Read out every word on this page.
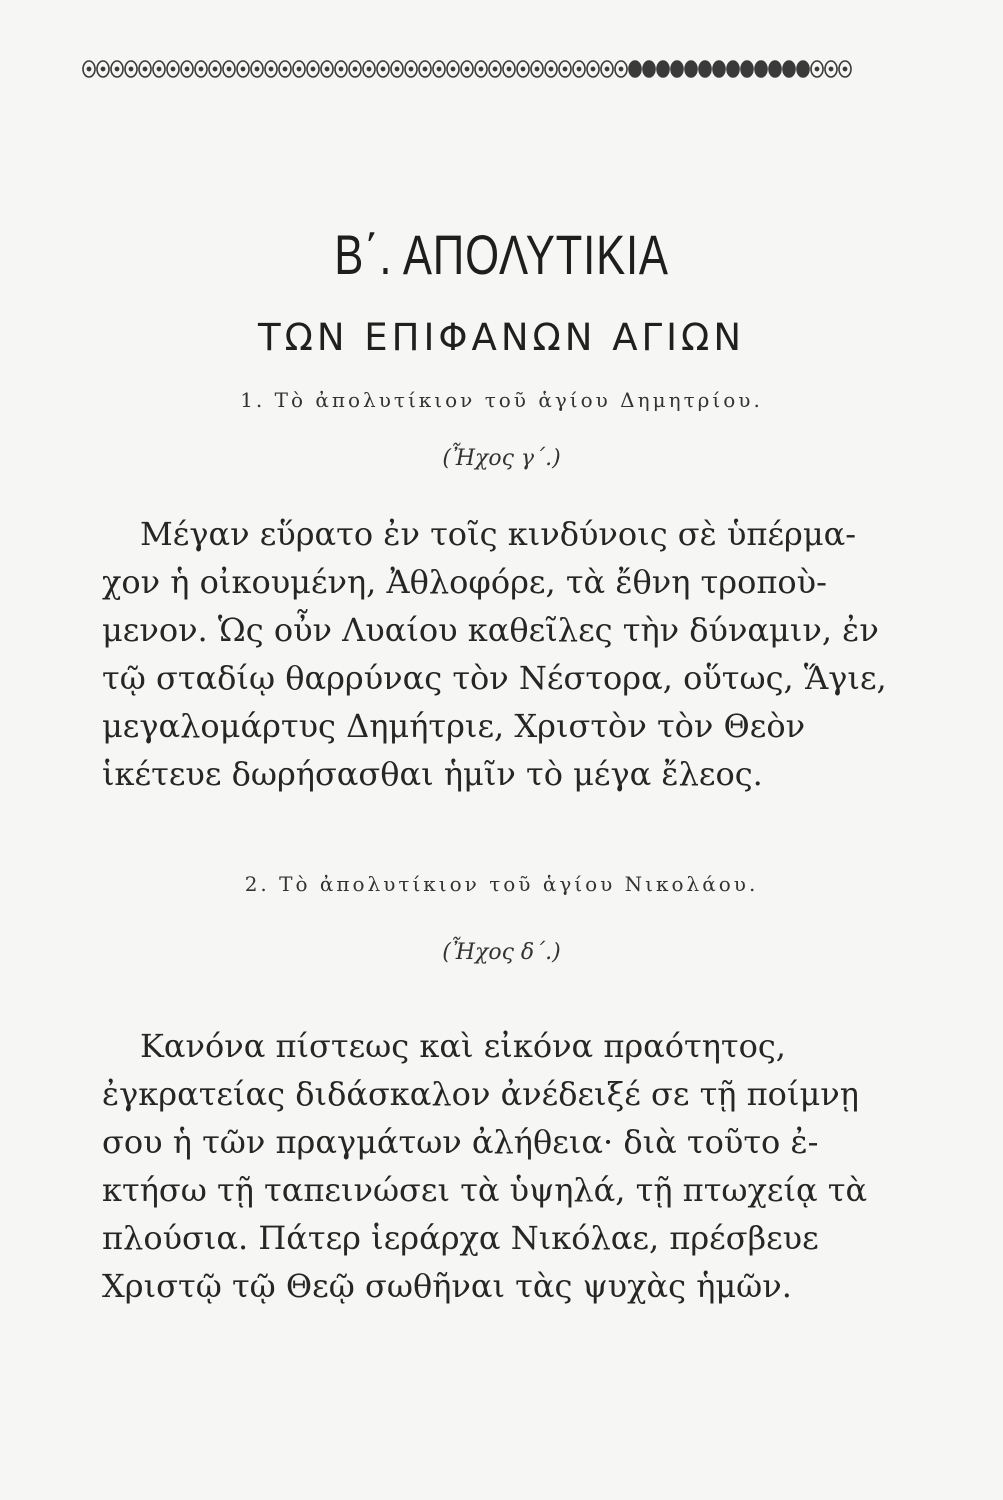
Β΄. ΑΠΟΛΥΤΙΚΙΑ
ΤΩΝ ΕΠΙΦΑΝΩΝ ΑΓΙΩΝ
1. Τὸ ἀπολυτίκιον τοῦ ἁγίου Δημητρίου.
(Ἦχος γ΄.)
Μέγαν εὕρατο ἐν τοῖς κινδύνοις σὲ ὑπέρμα-
χον ἡ οἰκουμένη, Ἀθλοφόρε, τὰ ἔθνη τροποὺ-
μενον. Ὡς οὖν Λυαίου καθεῖλες τὴν δύναμιν, ἐν
τῷ σταδίῳ θαρρύνας τὸν Νέστορα, οὕτως, Ἅγιε,
μεγαλομάρτυς Δημήτριε, Χριστὸν τὸν Θεὸν
ἱκέτευε δωρήσασθαι ἡμῖν τὸ μέγα ἔλεος.
2. Τὸ ἀπολυτίκιον τοῦ ἁγίου Νικολάου.
(Ἦχος δ΄.)
Κανόνα πίστεως καὶ εἰκόνα πραότητος,
ἐγκρατείας διδάσκαλον ἀνέδειξέ σε τῇ ποίμνῃ
σου ἡ τῶν πραγμάτων ἀλήθεια· διὰ τοῦτο ἐ-
κτήσω τῇ ταπεινώσει τὰ ὑψηλά, τῇ πτωχείᾳ τὰ
πλούσια. Πάτερ ἱεράρχα Νικόλαε, πρέσβευε
Χριστῷ τῷ Θεῷ σωθῆναι τὰς ψυχὰς ἡμῶν.
